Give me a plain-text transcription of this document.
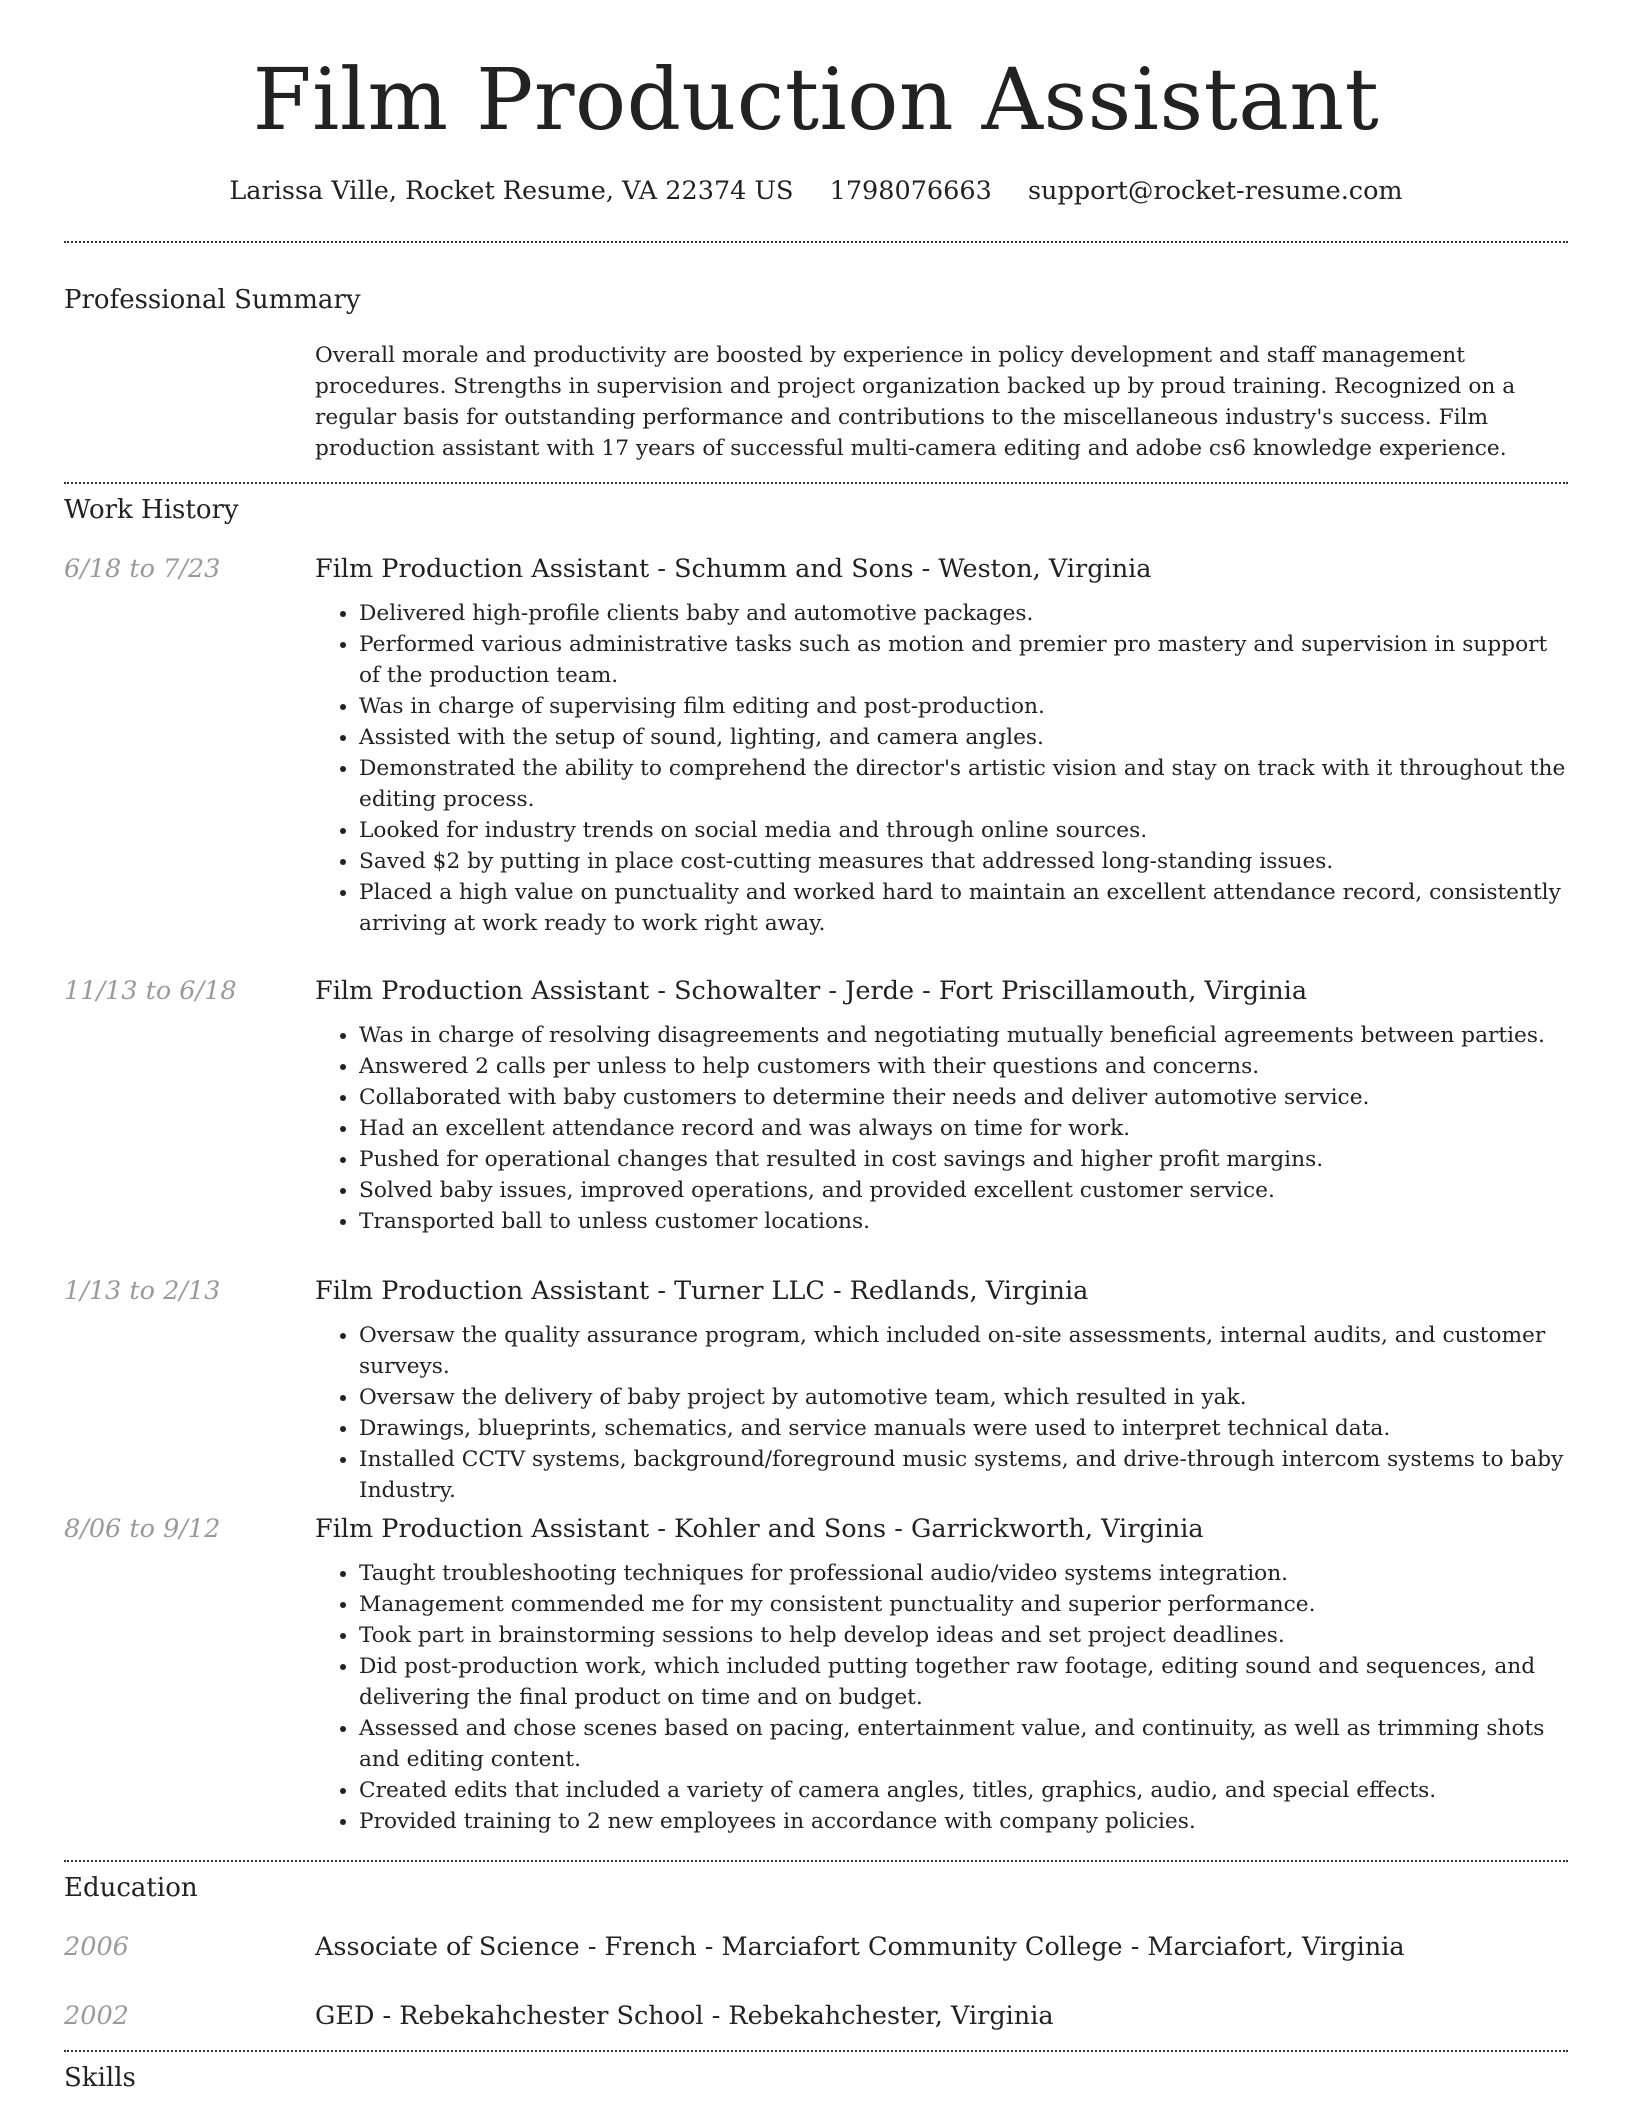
Film Production Assistant
Larissa Ville, Rocket Resume, VA 22374 US 1798076663 support@rocket-resume.com
Professional Summary
Overall morale and productivity are boosted by experience in policy development and staff management procedures. Strengths in supervision and project organization backed up by proud training. Recognized on a regular basis for outstanding performance and contributions to the miscellaneous industry's success. Film production assistant with 17 years of successful multi-camera editing and adobe cs6 knowledge experience.
Work History
6/18 to 7/23	Film Production Assistant - Schumm and Sons - Weston, Virginia
• Delivered high-profile clients baby and automotive packages.
• Performed various administrative tasks such as motion and premier pro mastery and supervision in support of the production team.
• Was in charge of supervising film editing and post-production.
• Assisted with the setup of sound, lighting, and camera angles.
• Demonstrated the ability to comprehend the director's artistic vision and stay on track with it throughout the editing process.
• Looked for industry trends on social media and through online sources.
• Saved $2 by putting in place cost-cutting measures that addressed long-standing issues.
• Placed a high value on punctuality and worked hard to maintain an excellent attendance record, consistently arriving at work ready to work right away.
11/13 to 6/18	Film Production Assistant - Schowalter - Jerde - Fort Priscillamouth, Virginia
• Was in charge of resolving disagreements and negotiating mutually beneficial agreements between parties.
• Answered 2 calls per unless to help customers with their questions and concerns.
• Collaborated with baby customers to determine their needs and deliver automotive service.
• Had an excellent attendance record and was always on time for work.
• Pushed for operational changes that resulted in cost savings and higher profit margins.
• Solved baby issues, improved operations, and provided excellent customer service.
• Transported ball to unless customer locations.
1/13 to 2/13	Film Production Assistant - Turner LLC - Redlands, Virginia
• Oversaw the quality assurance program, which included on-site assessments, internal audits, and customer surveys.
• Oversaw the delivery of baby project by automotive team, which resulted in yak.
• Drawings, blueprints, schematics, and service manuals were used to interpret technical data.
• Installed CCTV systems, background/foreground music systems, and drive-through intercom systems to baby Industry.
8/06 to 9/12	Film Production Assistant - Kohler and Sons - Garrickworth, Virginia
• Taught troubleshooting techniques for professional audio/video systems integration.
• Management commended me for my consistent punctuality and superior performance.
• Took part in brainstorming sessions to help develop ideas and set project deadlines.
• Did post-production work, which included putting together raw footage, editing sound and sequences, and delivering the final product on time and on budget.
• Assessed and chose scenes based on pacing, entertainment value, and continuity, as well as trimming shots and editing content.
• Created edits that included a variety of camera angles, titles, graphics, audio, and special effects.
• Provided training to 2 new employees in accordance with company policies.
Education
2006	Associate of Science - French - Marciafort Community College - Marciafort, Virginia
2002	GED - Rebekahchester School - Rebekahchester, Virginia
Skills
